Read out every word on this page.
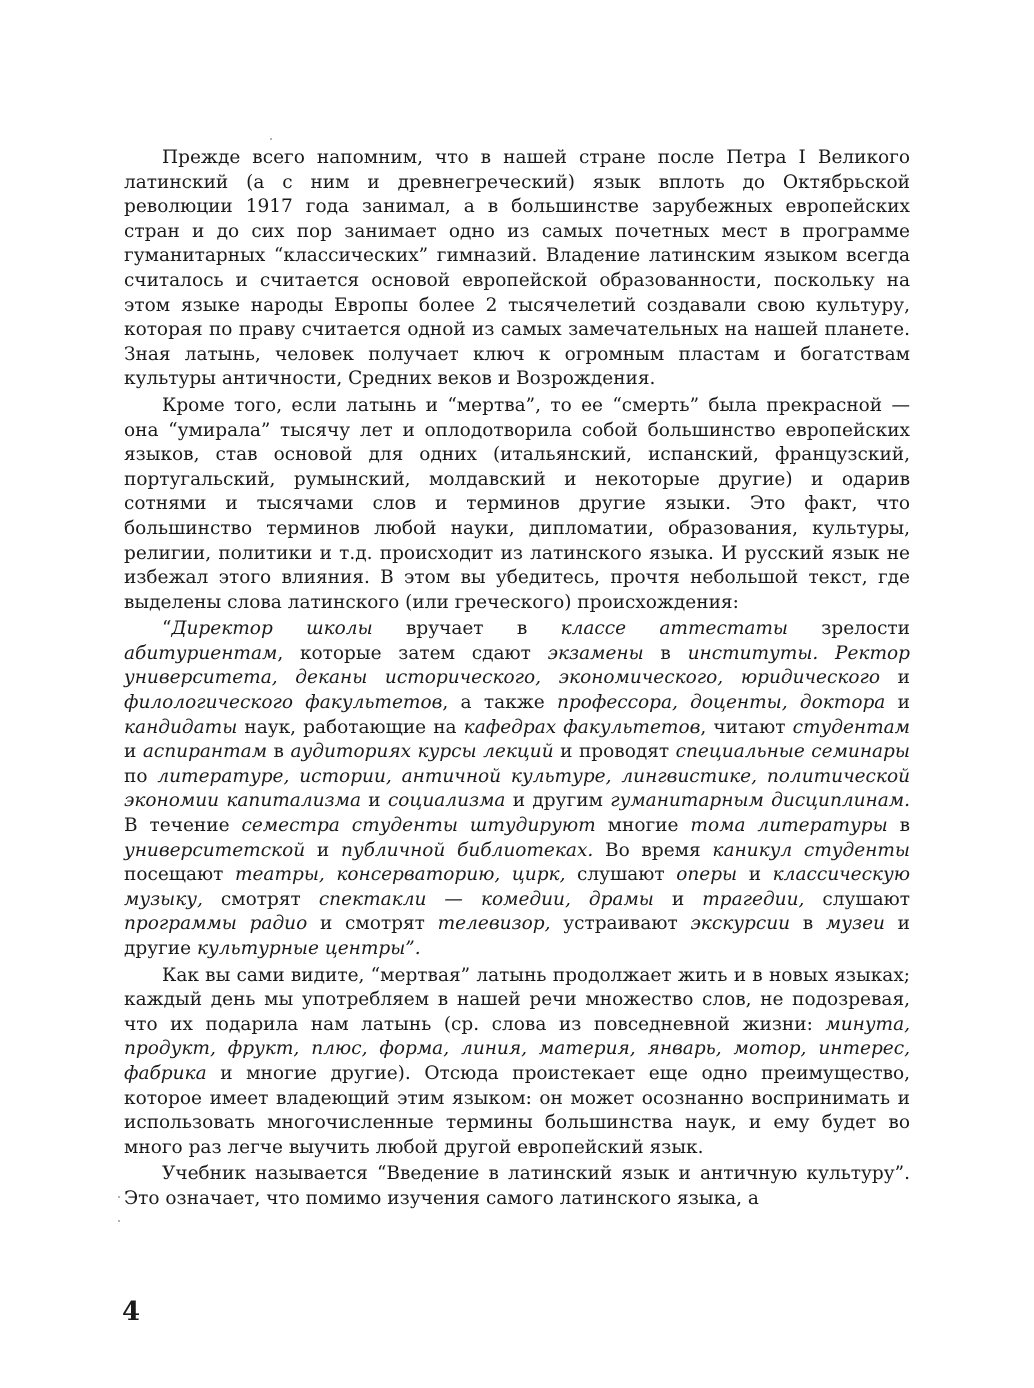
Прежде всего напомним, что в нашей стране после Петра I Великого латинский (а с ним и древнегреческий) язык вплоть до Октябрьской революции 1917 года занимал, а в большинстве зарубежных европейских стран и до сих пор занимает одно из самых почетных мест в программе гуманитарных “классических” гимназий. Владение латинским языком всегда считалось и считается основой европейской образованности, поскольку на этом языке народы Европы более 2 тысячелетий создавали свою культуру, которая по праву считается одной из самых замечательных на нашей планете. Зная латынь, человек получает ключ к огромным пластам и богатствам культуры античности, Средних веков и Возрождения.

Кроме того, если латынь и “мертва”, то ее “смерть” была прекрасной — она “умирала” тысячу лет и оплодотворила собой большинство европейских языков, став основой для одних (итальянский, испанский, французский, португальский, румынский, молдавский и некоторые другие) и одарив сотнями и тысячами слов и терминов другие языки. Это факт, что большинство терминов любой науки, дипломатии, образования, культуры, религии, политики и т.д. происходит из латинского языка. И русский язык не избежал этого влияния. В этом вы убедитесь, прочтя небольшой текст, где выделены слова латинского (или греческого) происхождения:

“Директор школы вручает в классе аттестаты зрелости абитуриентам, которые затем сдают экзамены в институты. Ректор университета, деканы исторического, экономического, юридического и филологического факультетов, а также профессора, доценты, доктора и кандидаты наук, работающие на кафедрах факультетов, читают студентам и аспирантам в аудиториях курсы лекций и проводят специальные семинары по литературе, истории, античной культуре, лингвистике, политической экономии капитализма и социализма и другим гуманитарным дисциплинам. В течение семестра студенты штудируют многие тома литературы в университетской и публичной библиотеках. Во время каникул студенты посещают театры, консерваторию, цирк, слушают оперы и классическую музыку, смотрят спектакли — комедии, драмы и трагедии, слушают программы радио и смотрят телевизор, устраивают экскурсии в музеи и другие культурные центры”.

Как вы сами видите, “мертвая” латынь продолжает жить и в новых языках; каждый день мы употребляем в нашей речи множество слов, не подозревая, что их подарила нам латынь (ср. слова из повседневной жизни: минута, продукт, фрукт, плюс, форма, линия, материя, январь, мотор, интерес, фабрика и многие другие). Отсюда проистекает еще одно преимущество, которое имеет владеющий этим языком: он может осознанно воспринимать и использовать многочисленные термины большинства наук, и ему будет во много раз легче выучить любой другой европейский язык.

Учебник называется “Введение в латинский язык и античную культуру”. Это означает, что помимо изучения самого латинского языка, а

4
